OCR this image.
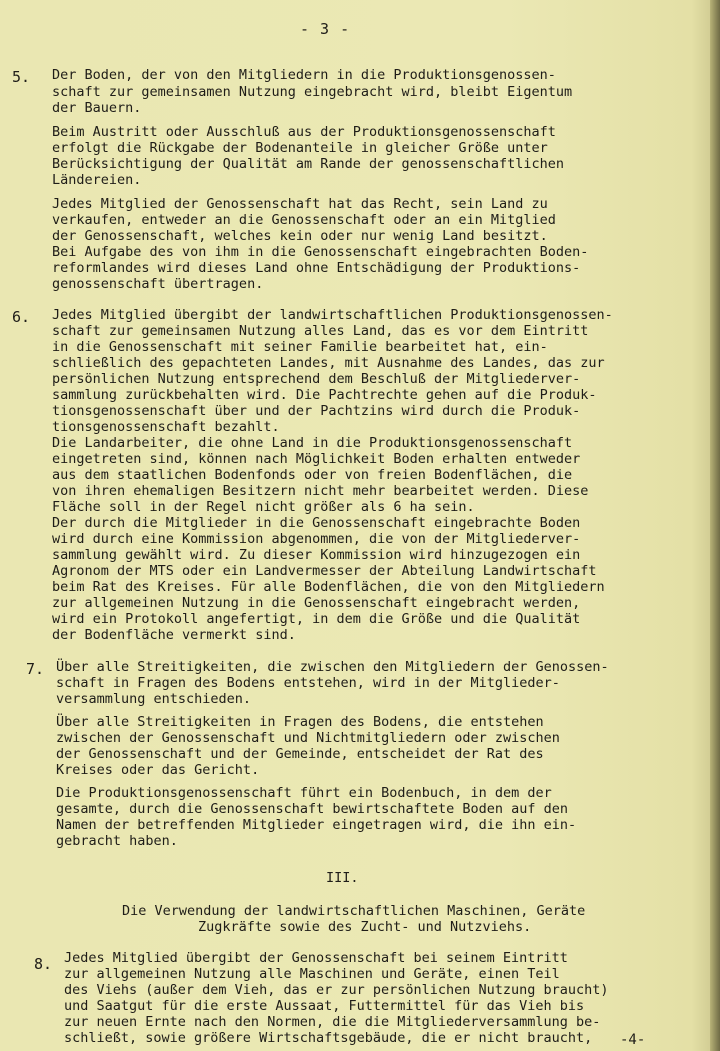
- 3 -
5. Der Boden, der von den Mitgliedern in die Produktionsgenossen-
schaft zur gemeinsamen Nutzung eingebracht wird, bleibt Eigentum
der Bauern.
Beim Austritt oder Ausschluß aus der Produktionsgenossenschaft
erfolgt die Rückgabe der Bodenanteile in gleicher Größe unter
Berücksichtigung der Qualität am Rande der genossenschaftlichen
Ländereien.
Jedes Mitglied der Genossenschaft hat das Recht, sein Land zu
verkaufen, entweder an die Genossenschaft oder an ein Mitglied
der Genossenschaft, welches kein oder nur wenig Land besitzt.
Bei Aufgabe des von ihm in die Genossenschaft eingebrachten Boden-
reformlandes wird dieses Land ohne Entschädigung der Produktions-
genossenschaft übertragen.
6. Jedes Mitglied übergibt der landwirtschaftlichen Produktionsgenossen-
schaft zur gemeinsamen Nutzung alles Land, das es vor dem Eintritt
in die Genossenschaft mit seiner Familie bearbeitet hat, ein-
schließlich des gepachteten Landes, mit Ausnahme des Landes, das zur
persönlichen Nutzung entsprechend dem Beschluß der Mitgliederver-
sammlung zurückbehalten wird. Die Pachtrechte gehen auf die Produk-
tionsgenossenschaft über und der Pachtzins wird durch die Produk-
tionsgenossenschaft bezahlt.
Die Landarbeiter, die ohne Land in die Produktionsgenossenschaft
eingetreten sind, können nach Möglichkeit Boden erhalten entweder
aus dem staatlichen Bodenfonds oder von freien Bodenflächen, die
von ihren ehemaligen Besitzern nicht mehr bearbeitet werden. Diese
Fläche soll in der Regel nicht größer als 6 ha sein.
Der durch die Mitglieder in die Genossenschaft eingebrachte Boden
wird durch eine Kommission abgenommen, die von der Mitgliederver-
sammlung gewählt wird. Zu dieser Kommission wird hinzugezogen ein
Agronom der MTS oder ein Landvermesser der Abteilung Landwirtschaft
beim Rat des Kreises. Für alle Bodenflächen, die von den Mitgliedern
zur allgemeinen Nutzung in die Genossenschaft eingebracht werden,
wird ein Protokoll angefertigt, in dem die Größe und die Qualität
der Bodenfläche vermerkt sind.
7. Über alle Streitigkeiten, die zwischen den Mitgliedern der Genossen-
schaft in Fragen des Bodens entstehen, wird in der Mitglieder-
versammlung entschieden.
Über alle Streitigkeiten in Fragen des Bodens, die entstehen
zwischen der Genossenschaft und Nichtmitgliedern oder zwischen
der Genossenschaft und der Gemeinde, entscheidet der Rat des
Kreises oder das Gericht.
Die Produktionsgenossenschaft führt ein Bodenbuch, in dem der
gesamte, durch die Genossenschaft bewirtschaftete Boden auf den
Namen der betreffenden Mitglieder eingetragen wird, die ihn ein-
gebracht haben.
III.
Die Verwendung der landwirtschaftlichen Maschinen, Geräte
Zugkräfte sowie des Zucht- und Nutzviehs.
8. Jedes Mitglied übergibt der Genossenschaft bei seinem Eintritt
zur allgemeinen Nutzung alle Maschinen und Geräte, einen Teil
des Viehs (außer dem Vieh, das er zur persönlichen Nutzung braucht)
und Saatgut für die erste Aussaat, Futtermittel für das Vieh bis
zur neuen Ernte nach den Normen, die die Mitgliederversammlung be-
schließt, sowie größere Wirtschaftsgebäude, die er nicht braucht, -4-
